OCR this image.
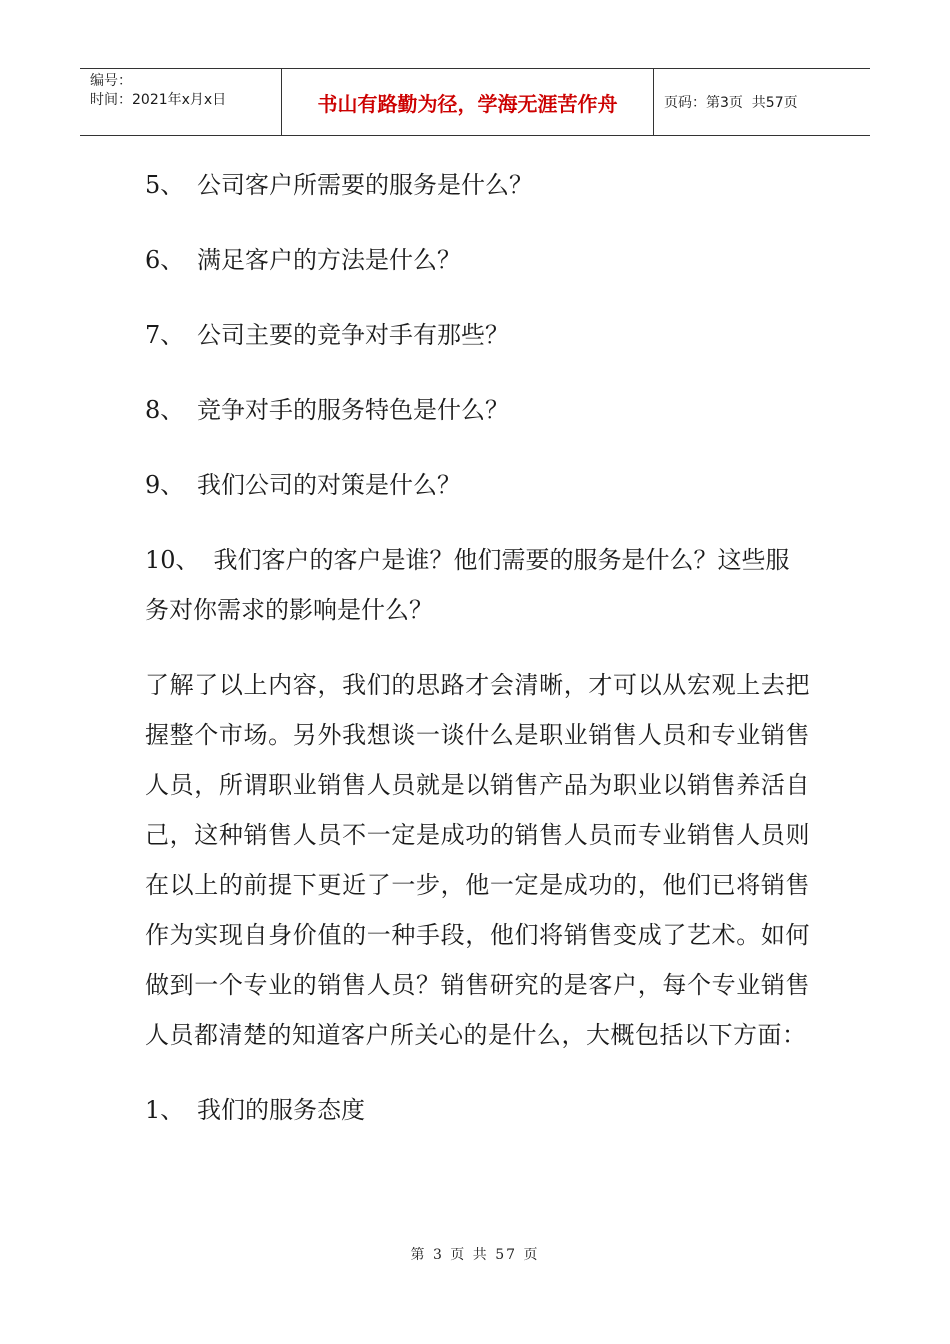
编号：
时间：2021年x月x日	书山有路勤为径，学海无涯苦作舟	页码：第3页  共57页
5、 公司客户所需要的服务是什么？
6、 满足客户的方法是什么？
7、 公司主要的竞争对手有那些？
8、 竞争对手的服务特色是什么？
9、 我们公司的对策是什么？
10、 我们客户的客户是谁？他们需要的服务是什么？这些服务对你需求的影响是什么？

了解了以上内容，我们的思路才会清晰，才可以从宏观上去把握整个市场。另外我想谈一谈什么是职业销售人员和专业销售人员，所谓职业销售人员就是以销售产品为职业以销售养活自己，这种销售人员不一定是成功的销售人员而专业销售人员则在以上的前提下更近了一步，他一定是成功的，他们已将销售作为实现自身价值的一种手段，他们将销售变成了艺术。如何做到一个专业的销售人员？销售研究的是客户，每个专业销售人员都清楚的知道客户所关心的是什么，大概包括以下方面：

1、 我们的服务态度
第 3 页 共 57 页
